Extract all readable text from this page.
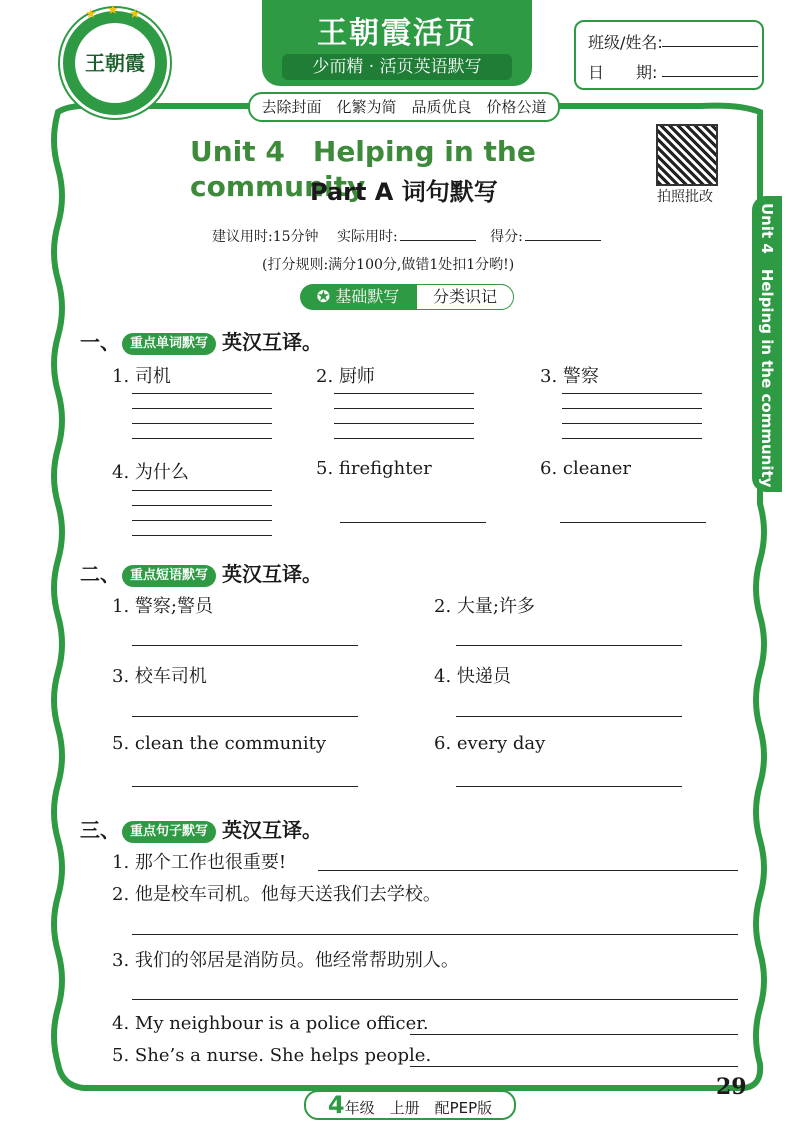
★ ★ ★
王朝霞
王朝霞活页
少而精 · 活页英语默写
去除封面　化繁为简　品质优良　价格公道
班级/姓名:
日　　期:
拍照批改
Unit 4　Helping in the community
Part A 词句默写
建议用时:15分钟 实际用时:	得分:
(打分规则:满分100分,做错1处扣1分哟!)
✪ 基础默写	分类识记
一、 重点单词默写 英汉互译。
1. 司机	2. 厨师	3. 警察
4. 为什么	5. firefighter	6. cleaner
二、 重点短语默写 英汉互译。
1. 警察;警员	2. 大量;许多
3. 校车司机	4. 快递员
5. clean the community	6. every day
三、 重点句子默写 英汉互译。
1. 那个工作也很重要!
2. 他是校车司机。他每天送我们去学校。
3. 我们的邻居是消防员。他经常帮助别人。
4. My neighbour is a police officer.
5. She’s a nurse. She helps people.
Unit 4　Helping in the community
29
4年级　上册　配PEP版
